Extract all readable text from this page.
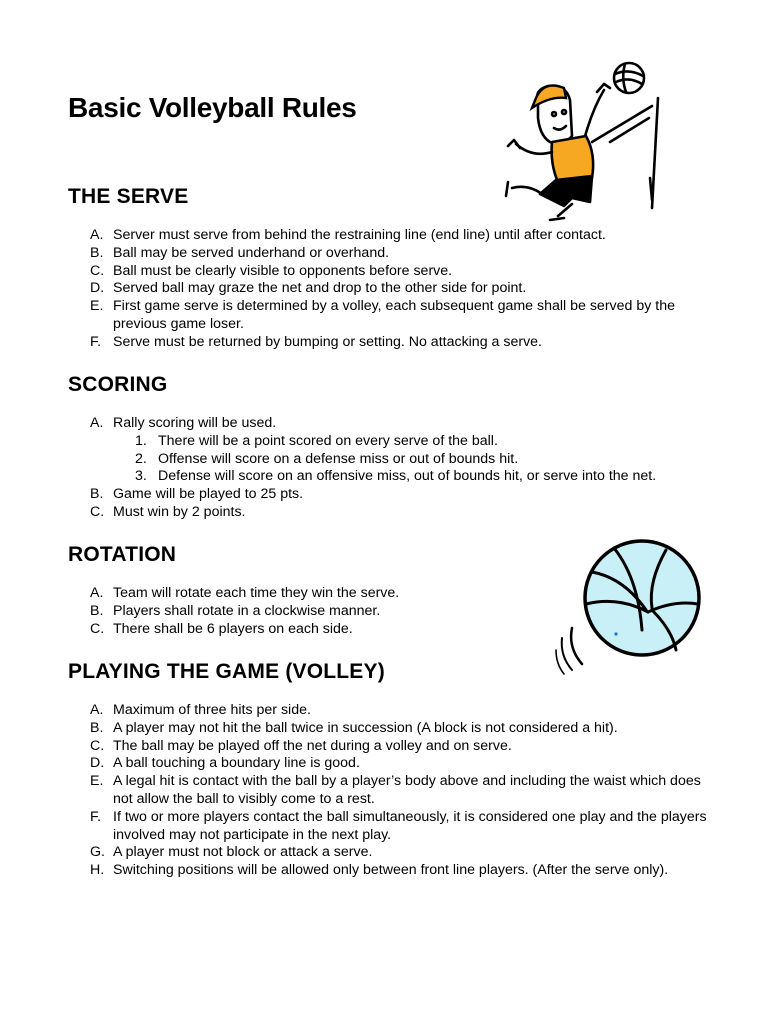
Basic Volleyball Rules
THE SERVE
A. Server must serve from behind the restraining line (end line) until after contact.
B. Ball may be served underhand or overhand.
C. Ball must be clearly visible to opponents before serve.
D. Served ball may graze the net and drop to the other side for point.
E. First game serve is determined by a volley, each subsequent game shall be served by the previous game loser.
F. Serve must be returned by bumping or setting. No attacking a serve.
SCORING
A. Rally scoring will be used.
1. There will be a point scored on every serve of the ball.
2. Offense will score on a defense miss or out of bounds hit.
3. Defense will score on an offensive miss, out of bounds hit, or serve into the net.
B. Game will be played to 25 pts.
C. Must win by 2 points.
ROTATION
A. Team will rotate each time they win the serve.
B. Players shall rotate in a clockwise manner.
C. There shall be 6 players on each side.
PLAYING THE GAME (VOLLEY)
A. Maximum of three hits per side.
B. A player may not hit the ball twice in succession (A block is not considered a hit).
C. The ball may be played off the net during a volley and on serve.
D. A ball touching a boundary line is good.
E. A legal hit is contact with the ball by a player’s body above and including the waist which does not allow the ball to visibly come to a rest.
F. If two or more players contact the ball simultaneously, it is considered one play and the players involved may not participate in the next play.
G. A player must not block or attack a serve.
H. Switching positions will be allowed only between front line players. (After the serve only).
